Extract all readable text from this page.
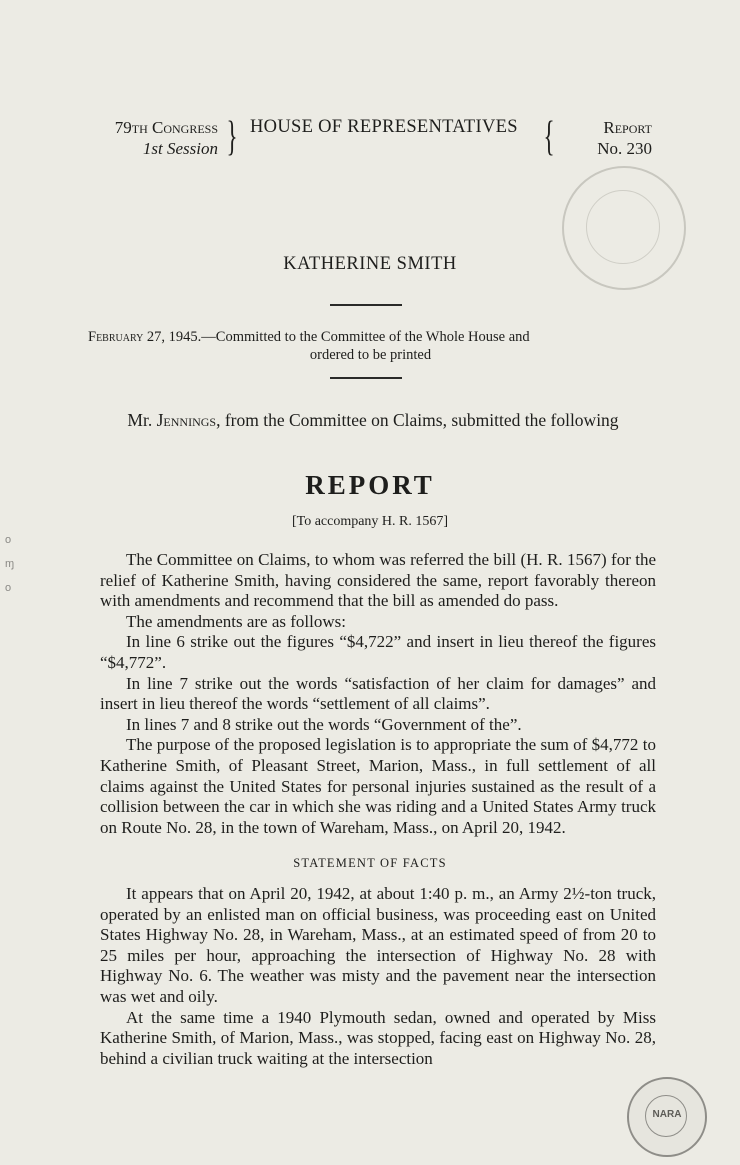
o
ɱ
o
79th Congress
1st Session } HOUSE OF REPRESENTATIVES {	Report
No. 230
KATHERINE SMITH
February 27, 1945.—Committed to the Committee of the Whole House and
ordered to be printed
Mr. Jennings, from the Committee on Claims, submitted the following
REPORT
[To accompany H. R. 1567]

The Committee on Claims, to whom was referred the bill (H. R. 1567) for the relief of Katherine Smith, having considered the same, report favorably thereon with amendments and recommend that the bill as amended do pass.

The amendments are as follows:

In line 6 strike out the figures “$4,722” and insert in lieu thereof the figures “$4,772”.

In line 7 strike out the words “satisfaction of her claim for damages” and insert in lieu thereof the words “settlement of all claims”.

In lines 7 and 8 strike out the words “Government of the”.

The purpose of the proposed legislation is to appropriate the sum of $4,772 to Katherine Smith, of Pleasant Street, Marion, Mass., in full settlement of all claims against the United States for personal injuries sustained as the result of a collision between the car in which she was riding and a United States Army truck on Route No. 28, in the town of Wareham, Mass., on April 20, 1942.

STATEMENT OF FACTS

It appears that on April 20, 1942, at about 1:40 p. m., an Army 2½-ton truck, operated by an enlisted man on official business, was proceeding east on United States Highway No. 28, in Wareham, Mass., at an estimated speed of from 20 to 25 miles per hour, approaching the intersection of Highway No. 28 with Highway No. 6. The weather was misty and the pavement near the intersection was wet and oily.

At the same time a 1940 Plymouth sedan, owned and operated by Miss Katherine Smith, of Marion, Mass., was stopped, facing east on Highway No. 28, behind a civilian truck waiting at the intersection

NARA
